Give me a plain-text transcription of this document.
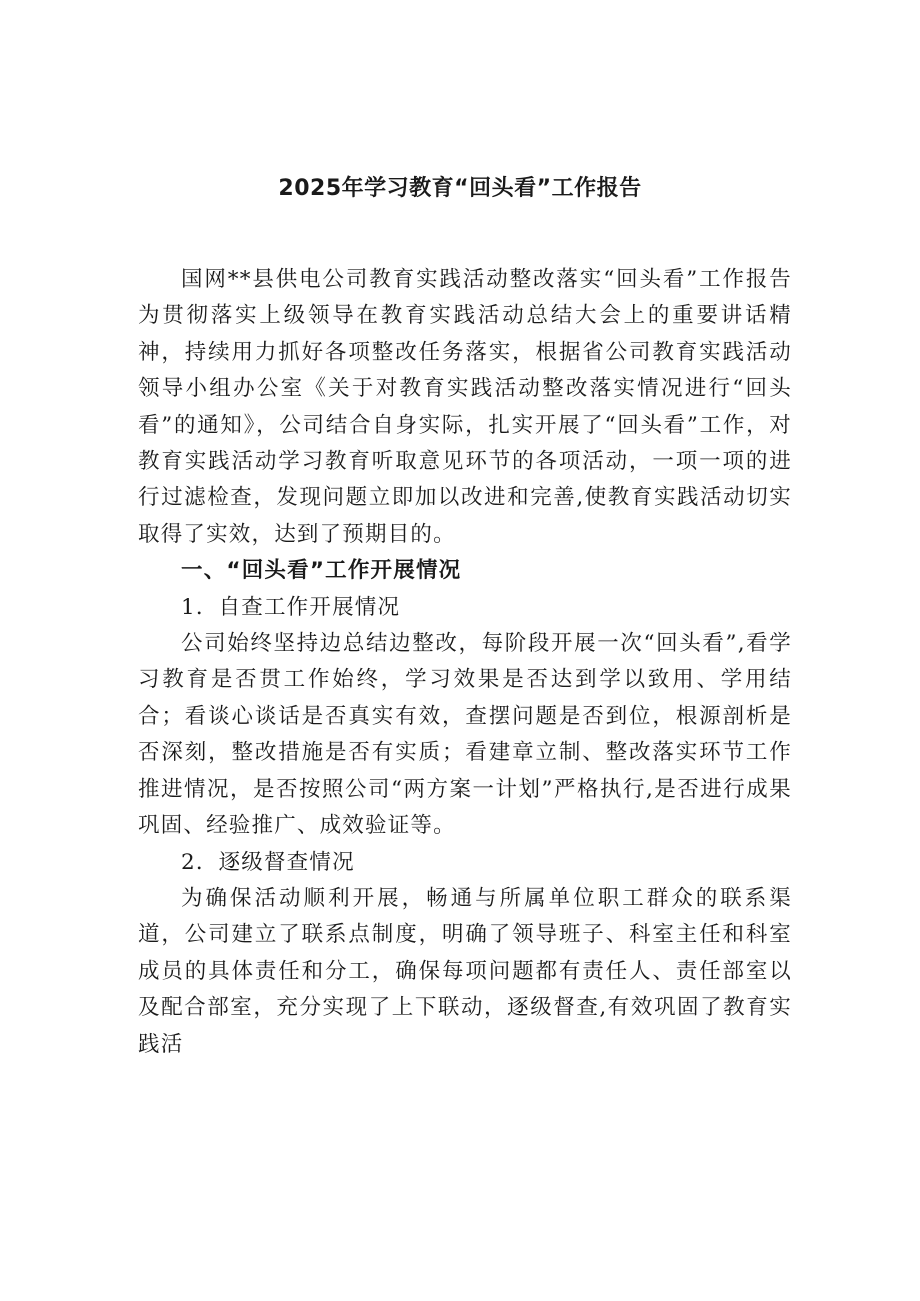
2025年学习教育“回头看”工作报告

国网**县供电公司教育实践活动整改落实“回头看”工作报告为贯彻落实上级领导在教育实践活动总结大会上的重要讲话精神，持续用力抓好各项整改任务落实，根据省公司教育实践活动领导小组办公室《关于对教育实践活动整改落实情况进行“回头看”的通知》，公司结合自身实际，扎实开展了“回头看”工作，对教育实践活动学习教育听取意见环节的各项活动，一项一项的进行过滤检查，发现问题立即加以改进和完善,使教育实践活动切实取得了实效，达到了预期目的。

一、“回头看”工作开展情况

1．自查工作开展情况

公司始终坚持边总结边整改，每阶段开展一次“回头看”,看学习教育是否贯工作始终，学习效果是否达到学以致用、学用结合；看谈心谈话是否真实有效，查摆问题是否到位，根源剖析是否深刻，整改措施是否有实质；看建章立制、整改落实环节工作推进情况，是否按照公司“两方案一计划”严格执行,是否进行成果巩固、经验推广、成效验证等。

2．逐级督查情况

为确保活动顺利开展，畅通与所属单位职工群众的联系渠道，公司建立了联系点制度，明确了领导班子、科室主任和科室成员的具体责任和分工，确保每项问题都有责任人、责任部室以及配合部室，充分实现了上下联动，逐级督查,有效巩固了教育实践活
